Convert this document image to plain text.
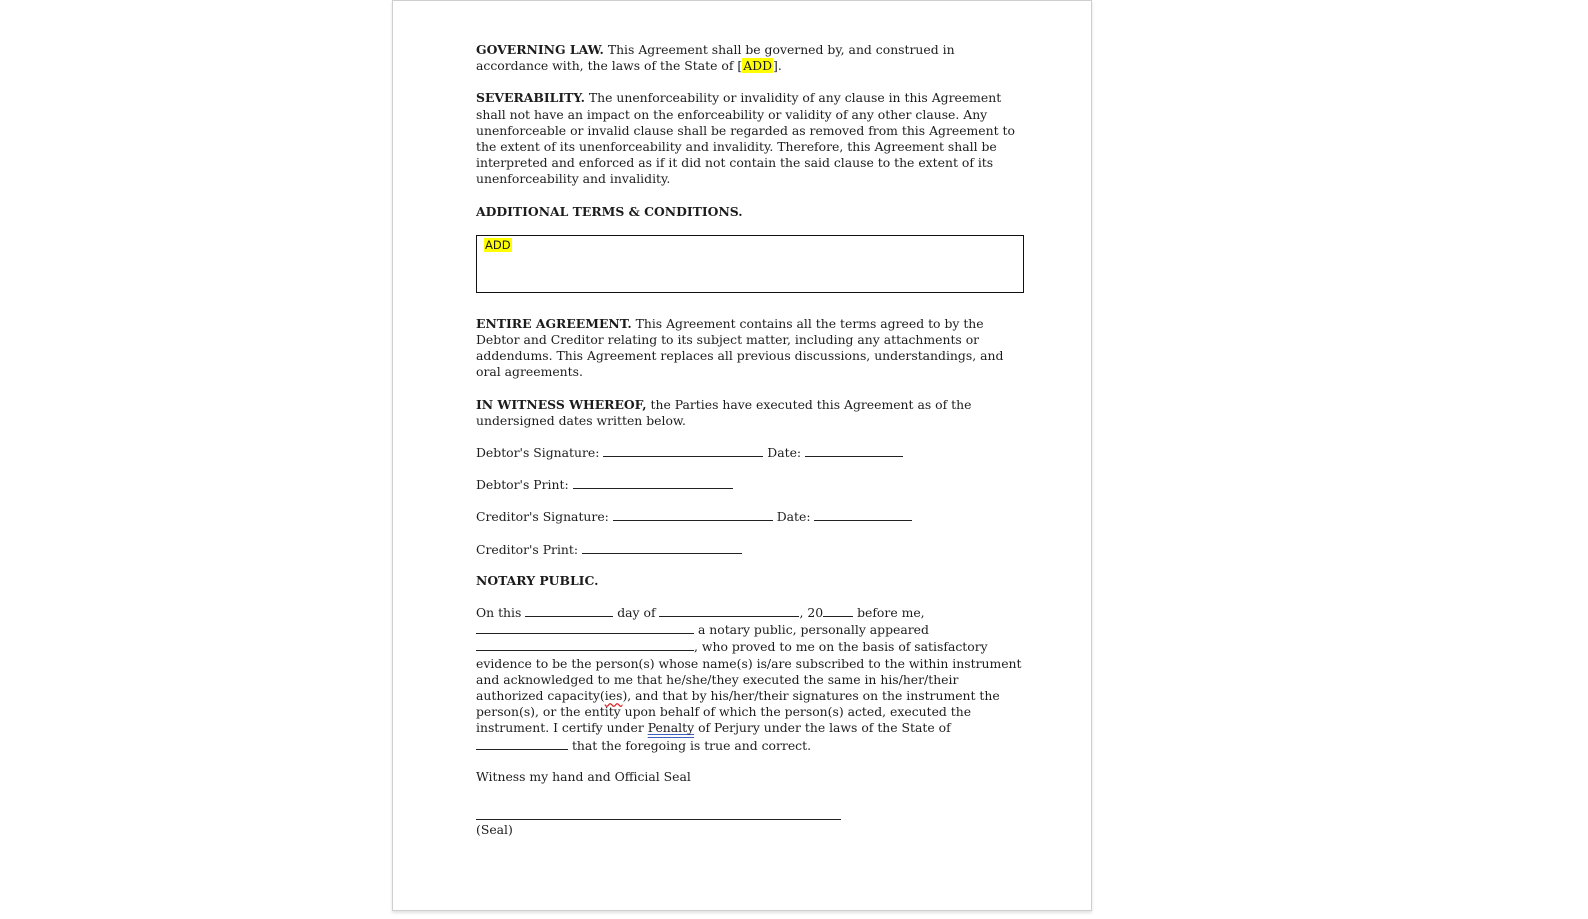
GOVERNING LAW. This Agreement shall be governed by, and construed in accordance with, the laws of the State of [ADD].

SEVERABILITY. The unenforceability or invalidity of any clause in this Agreement shall not have an impact on the enforceability or validity of any other clause. Any unenforceable or invalid clause shall be regarded as removed from this Agreement to the extent of its unenforceability and invalidity. Therefore, this Agreement shall be interpreted and enforced as if it did not contain the said clause to the extent of its unenforceability and invalidity.

ADDITIONAL TERMS & CONDITIONS.

ADD

ENTIRE AGREEMENT. This Agreement contains all the terms agreed to by the Debtor and Creditor relating to its subject matter, including any attachments or addendums. This Agreement replaces all previous discussions, understandings, and oral agreements.

IN WITNESS WHEREOF, the Parties have executed this Agreement as of the undersigned dates written below.

Debtor's Signature:	Date:

Debtor's Print:

Creditor's Signature:	Date:

Creditor's Print:

NOTARY PUBLIC.

On this	day of	, 20 before me,
a notary public, personally appeared
, who proved to me on the basis of satisfactory evidence to be the person(s) whose name(s) is/are subscribed to the within instrument and acknowledged to me that he/she/they executed the same in his/her/their authorized capacity(ies), and that by his/her/their signatures on the instrument the person(s), or the entity upon behalf of which the person(s) acted, executed the instrument. I certify under Penalty of Perjury under the laws of the State of  that the foregoing is true and correct.

Witness my hand and Official Seal

(Seal)
